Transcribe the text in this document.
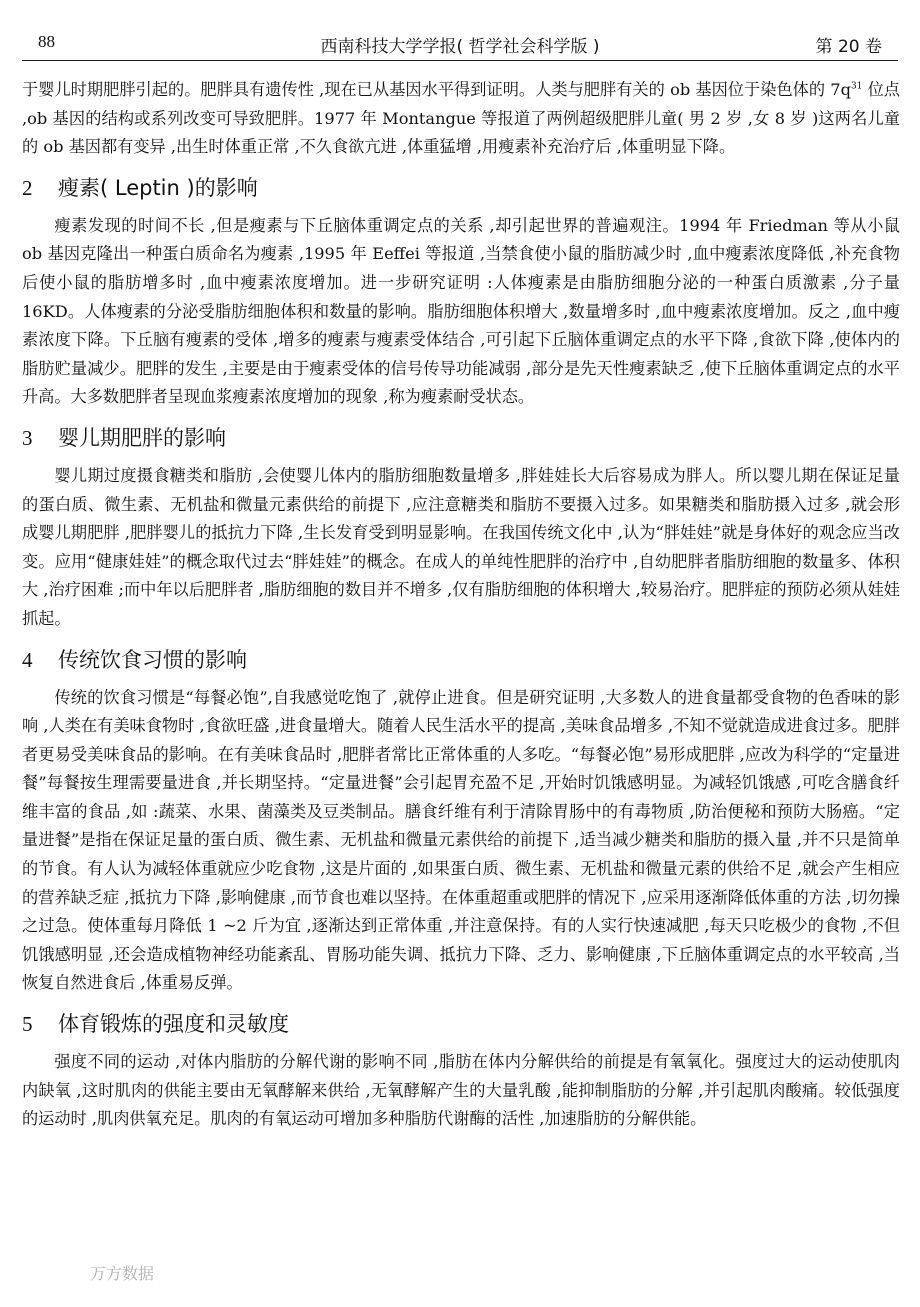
88	西南科技大学学报( 哲学社会科学版 )	第 20 卷

于婴儿时期肥胖引起的。肥胖具有遗传性 ,现在已从基因水平得到证明。人类与肥胖有关的 ob 基因位于染色体的 $7q^{31}$ 位点 ,ob 基因的结构或系列改变可导致肥胖。1977 年 Montangue 等报道了两例超级肥胖儿童( 男 2 岁 ,女 8 岁 )这两名儿童的 ob 基因都有变异 ,出生时体重正常 ,不久食欲亢进 ,体重猛增 ,用瘦素补充治疗后 ,体重明显下降。

2 瘦素( Leptin )的影响

瘦素发现的时间不长 ,但是瘦素与下丘脑体重调定点的关系 ,却引起世界的普遍观注。1994 年 Friedman 等从小鼠 ob 基因克隆出一种蛋白质命名为瘦素 ,1995 年 Eeffei 等报道 ,当禁食使小鼠的脂肪减少时 ,血中瘦素浓度降低 ,补充食物后使小鼠的脂肪增多时 ,血中瘦素浓度增加。进一步研究证明 :人体瘦素是由脂肪细胞分泌的一种蛋白质激素 ,分子量 16KD。人体瘦素的分泌受脂肪细胞体积和数量的影响。脂肪细胞体积增大 ,数量增多时 ,血中瘦素浓度增加。反之 ,血中瘦素浓度下降。下丘脑有瘦素的受体 ,增多的瘦素与瘦素受体结合 ,可引起下丘脑体重调定点的水平下降 ,食欲下降 ,使体内的脂肪贮量减少。肥胖的发生 ,主要是由于瘦素受体的信号传导功能减弱 ,部分是先天性瘦素缺乏 ,使下丘脑体重调定点的水平升高。大多数肥胖者呈现血浆瘦素浓度增加的现象 ,称为瘦素耐受状态。

3 婴儿期肥胖的影响

婴儿期过度摄食糖类和脂肪 ,会使婴儿体内的脂肪细胞数量增多 ,胖娃娃长大后容易成为胖人。所以婴儿期在保证足量的蛋白质、微生素、无机盐和微量元素供给的前提下 ,应注意糖类和脂肪不要摄入过多。如果糖类和脂肪摄入过多 ,就会形成婴儿期肥胖 ,肥胖婴儿的抵抗力下降 ,生长发育受到明显影响。在我国传统文化中 ,认为“胖娃娃”就是身体好的观念应当改变。应用“健康娃娃”的概念取代过去“胖娃娃”的概念。在成人的单纯性肥胖的治疗中 ,自幼肥胖者脂肪细胞的数量多、体积大 ,治疗困难 ;而中年以后肥胖者 ,脂肪细胞的数目并不增多 ,仅有脂肪细胞的体积增大 ,较易治疗。肥胖症的预防必须从娃娃抓起。

4 传统饮食习惯的影响

传统的饮食习惯是“每餐必饱”,自我感觉吃饱了 ,就停止进食。但是研究证明 ,大多数人的进食量都受食物的色香味的影响 ,人类在有美味食物时 ,食欲旺盛 ,进食量增大。随着人民生活水平的提高 ,美味食品增多 ,不知不觉就造成进食过多。肥胖者更易受美味食品的影响。在有美味食品时 ,肥胖者常比正常体重的人多吃。“每餐必饱”易形成肥胖 ,应改为科学的“定量进餐”每餐按生理需要量进食 ,并长期坚持。“定量进餐”会引起胃充盈不足 ,开始时饥饿感明显。为减轻饥饿感 ,可吃含膳食纤维丰富的食品 ,如 :蔬菜、水果、菌藻类及豆类制品。膳食纤维有利于清除胃肠中的有毒物质 ,防治便秘和预防大肠癌。“定量进餐”是指在保证足量的蛋白质、微生素、无机盐和微量元素供给的前提下 ,适当减少糖类和脂肪的摄入量 ,并不只是简单的节食。有人认为减轻体重就应少吃食物 ,这是片面的 ,如果蛋白质、微生素、无机盐和微量元素的供给不足 ,就会产生相应的营养缺乏症 ,抵抗力下降 ,影响健康 ,而节食也难以坚持。在体重超重或肥胖的情况下 ,应采用逐渐降低体重的方法 ,切勿操之过急。使体重每月降低 1 ~2 斤为宜 ,逐渐达到正常体重 ,并注意保持。有的人实行快速减肥 ,每天只吃极少的食物 ,不但饥饿感明显 ,还会造成植物神经功能紊乱、胃肠功能失调、抵抗力下降、乏力、影响健康 ,下丘脑体重调定点的水平较高 ,当恢复自然进食后 ,体重易反弹。

5 体育锻炼的强度和灵敏度

强度不同的运动 ,对体内脂肪的分解代谢的影响不同 ,脂肪在体内分解供给的前提是有氧氧化。强度过大的运动使肌肉内缺氧 ,这时肌肉的供能主要由无氧酵解来供给 ,无氧酵解产生的大量乳酸 ,能抑制脂肪的分解 ,并引起肌肉酸痛。较低强度的运动时 ,肌肉供氧充足。肌肉的有氧运动可增加多种脂肪代谢酶的活性 ,加速脂肪的分解供能。

万方数据
